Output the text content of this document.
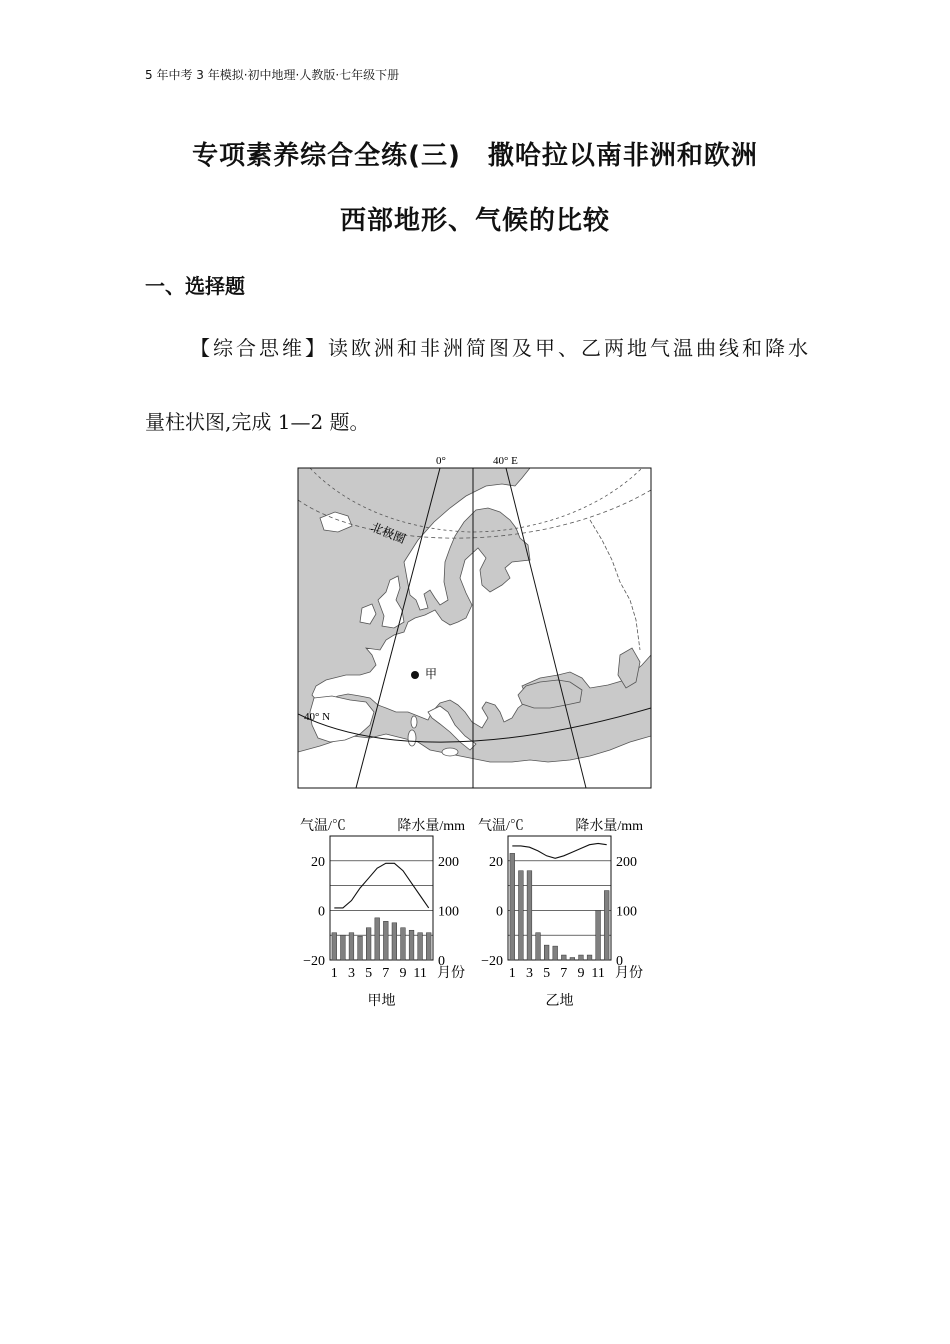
5 年中考 3 年模拟·初中地理·人教版·七年级下册
专项素养综合全练(三)　撒哈拉以南非洲和欧洲
西部地形、气候的比较
一、选择题
【综合思维】读欧洲和非洲简图及甲、乙两地气温曲线和降水
量柱状图,完成 1—2 题。
0°	40° E
北极圈
40° N
甲
气温/℃	降水量/mm
20
0
−20
200
100
0
1 3 5 7 9 11 月份
甲地
气温/℃	降水量/mm
20
0
−20
200
100
0
1 3 5 7 9 11 月份
乙地
